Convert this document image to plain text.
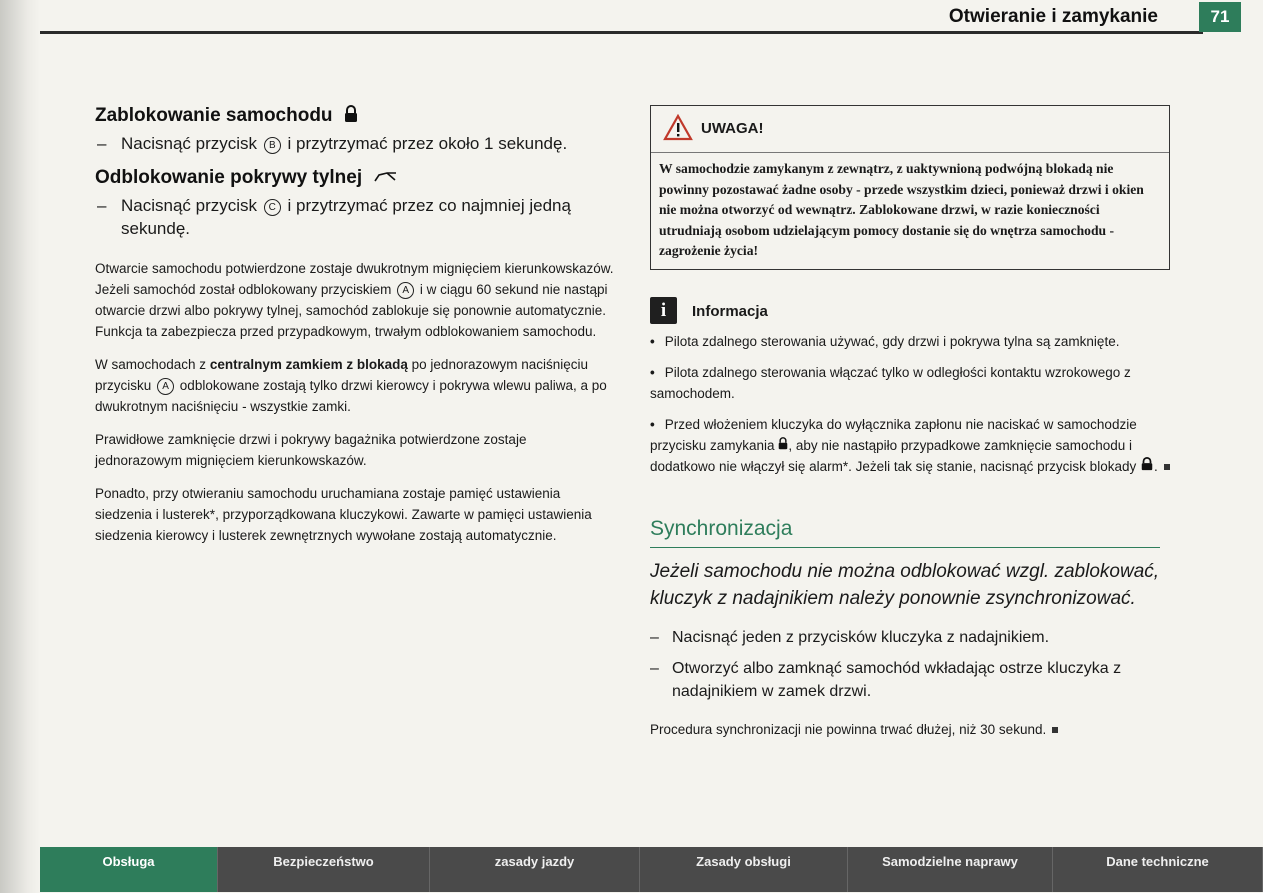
Otwieranie i zamykanie	71
Zablokowanie samochodu
– Nacisnąć przycisk B i przytrzymać przez około 1 sekundę.
Odblokowanie pokrywy tylnej
– Nacisnąć przycisk C i przytrzymać przez co najmniej jedną sekundę.

Otwarcie samochodu potwierdzone zostaje dwukrotnym mignięciem kierunkowskazów. Jeżeli samochód został odblokowany przyciskiem A i w ciągu 60 sekund nie nastąpi otwarcie drzwi albo pokrywy tylnej, samochód zablokuje się ponownie automatycznie. Funkcja ta zabezpiecza przed przypadkowym, trwałym odblokowaniem samochodu.

W samochodach z centralnym zamkiem z blokadą po jednorazowym naciśnięciu przycisku A odblokowane zostają tylko drzwi kierowcy i pokrywa wlewu paliwa, a po dwukrotnym naciśnięciu - wszystkie zamki.

Prawidłowe zamknięcie drzwi i pokrywy bagażnika potwierdzone zostaje jednorazowym mignięciem kierunkowskazów.

Ponadto, przy otwieraniu samochodu uruchamiana zostaje pamięć ustawienia siedzenia i lusterek*, przyporządkowana kluczykowi. Zawarte w pamięci ustawienia siedzenia kierowcy i lusterek zewnętrznych wywołane zostają automatycznie.

UWAGA!
W samochodzie zamykanym z zewnątrz, z uaktywnioną podwójną blokadą nie powinny pozostawać żadne osoby - przede wszystkim dzieci, ponieważ drzwi i okien nie można otworzyć od wewnątrz. Zablokowane drzwi, w razie konieczności utrudniają osobom udzielającym pomocy dostanie się do wnętrza samochodu - zagrożenie życia!
i	Informacja
• Pilota zdalnego sterowania używać, gdy drzwi i pokrywa tylna są zamknięte.
• Pilota zdalnego sterowania włączać tylko w odległości kontaktu wzrokowego z samochodem.
• Przed włożeniem kluczyka do wyłącznika zapłonu nie naciskać w samochodzie przycisku zamykania , aby nie nastąpiło przypadkowe zamknięcie samochodu i dodatkowo nie włączył się alarm*. Jeżeli tak się stanie, nacisnąć przycisk blokady .
Synchronizacja
Jeżeli samochodu nie można odblokować wzgl. zablokować, kluczyk z nadajnikiem należy ponownie zsynchronizować.
– Nacisnąć jeden z przycisków kluczyka z nadajnikiem.
– Otworzyć albo zamknąć samochód wkładając ostrze kluczyka z nadajnikiem w zamek drzwi.
Procedura synchronizacji nie powinna trwać dłużej, niż 30 sekund.
Obsługa	Bezpieczeństwo	zasady jazdy	Zasady obsługi	Samodzielne naprawy	Dane techniczne
